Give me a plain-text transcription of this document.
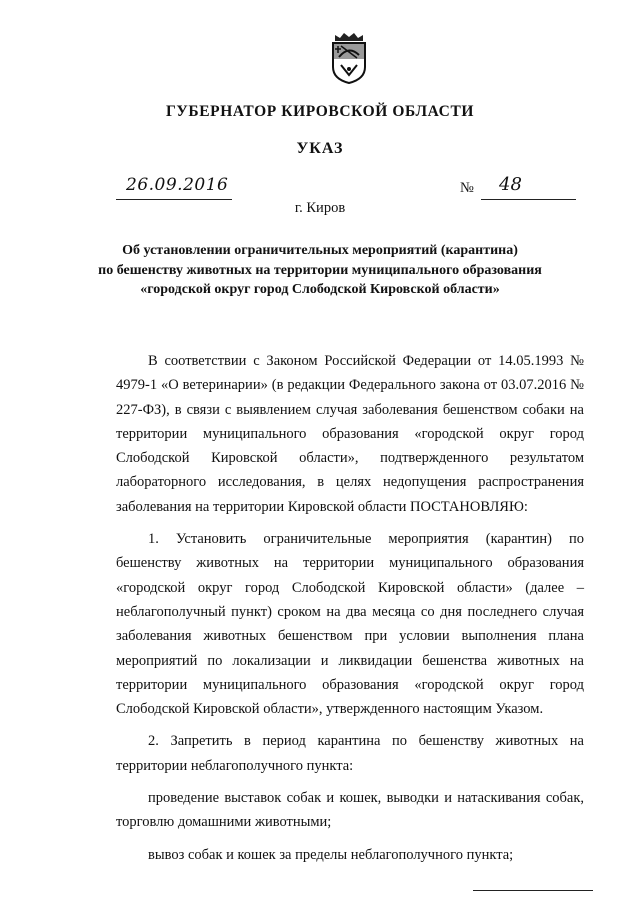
ГУБЕРНАТОР КИРОВСКОЙ ОБЛАСТИ
УКАЗ
26.09.2016	№ 48
г. Киров
Об установлении ограничительных мероприятий (карантина)
по бешенству животных на территории муниципального образования
«городской округ город Слободской Кировской области»

В соответствии с Законом Российской Федерации от 14.05.1993 № 4979-1 «О ветеринарии» (в редакции Федерального закона от 03.07.2016 № 227-ФЗ), в связи с выявлением случая заболевания бешенством собаки на территории муниципального образования «городской округ город Слободской Кировской области», подтвержденного результатом лабораторного исследования, в целях недопущения распространения заболевания на территории Кировской области ПОСТАНОВЛЯЮ:

1. Установить ограничительные мероприятия (карантин) по бешенству животных на территории муниципального образования «городской округ город Слободской Кировской области» (далее – неблагополучный пункт) сроком на два месяца со дня последнего случая заболевания животных бешенством при условии выполнения плана мероприятий по локализации и ликвидации бешенства животных на территории муниципального образования «городской округ город Слободской Кировской области», утвержденного настоящим Указом.

2. Запретить в период карантина по бешенству животных на территории неблагополучного пункта:

проведение выставок собак и кошек, выводки и натаскивания собак, торговлю домашними животными;

вывоз собак и кошек за пределы неблагополучного пункта;
